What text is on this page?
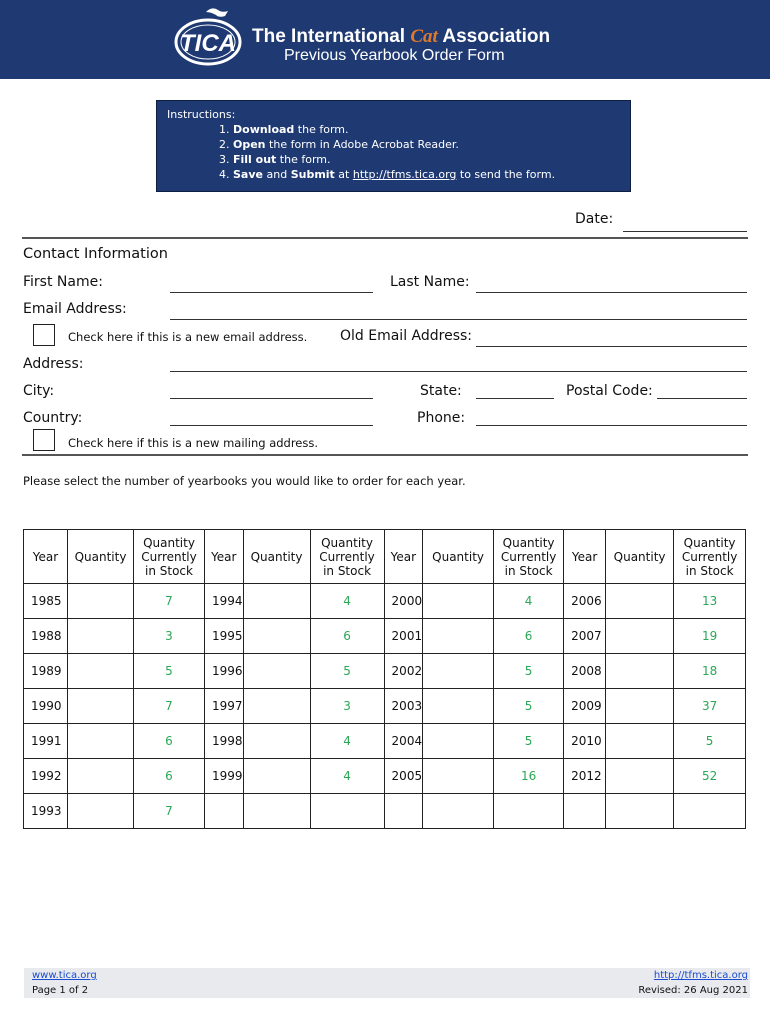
TICA The International Cat Association
Previous Yearbook Order Form
Instructions:
1. Download the form.
2. Open the form in Adobe Acrobat Reader.
3. Fill out the form.
4. Save and Submit at http://tfms.tica.org to send the form.
Date:
Contact Information
First Name:	Last Name:
Email Address:
Check here if this is a new email address. Old Email Address:
Address:
City:	State:	Postal Code:
Country:	Phone:
Check here if this is a new mailing address.
Please select the number of yearbooks you would like to order for each year.
Year	Quantity	Quantity
Currently
in Stock	Year	Quantity	Quantity
Currently
in Stock	Year	Quantity	Quantity
Currently
in Stock	Year	Quantity	Quantity
Currently
in Stock
1985		7	1994		4	2000		4	2006		13
1988		3	1995		6	2001		6	2007		19
1989		5	1996		5	2002		5	2008		18
1990		7	1997		3	2003		5	2009		37
1991		6	1998		4	2004		5	2010		5
1992		6	1999		4	2005		16	2012		52
1993		7									
www.tica.org
Page 1 of 2
http://tfms.tica.org
Revised: 26 Aug 2021
